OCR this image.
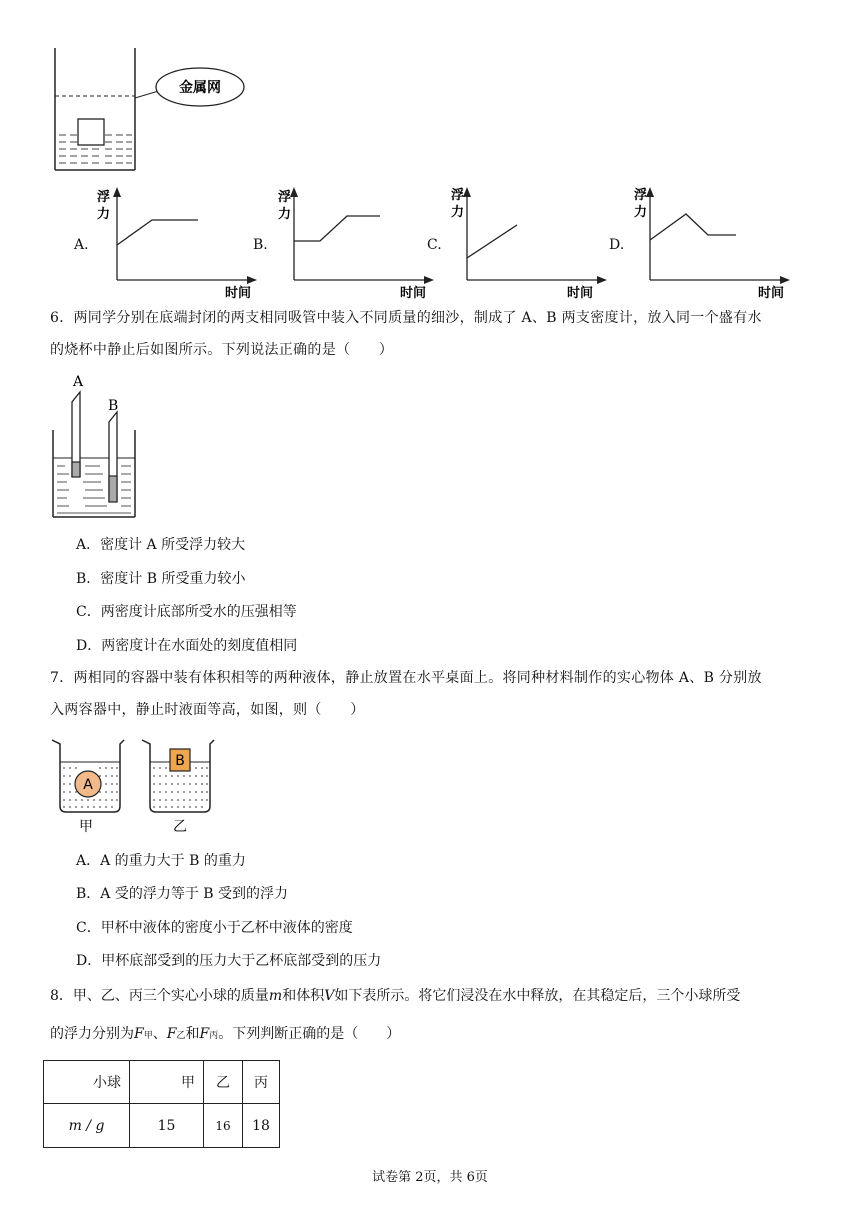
金属网
A.
浮
力
时间
B.
浮
力
时间
C.
浮
力
时间
D.
浮
力
时间
6．两同学分别在底端封闭的两支相同吸管中装入不同质量的细沙，制成了 A、B 两支密度计，放入同一个盛有水
的烧杯中静止后如图所示。下列说法正确的是（　　）
A
B
A．密度计 A 所受浮力较大
B．密度计 B 所受重力较小
C．两密度计底部所受水的压强相等
D．两密度计在水面处的刻度值相同
7．两相同的容器中装有体积相等的两种液体，静止放置在水平桌面上。将同种材料制作的实心物体 A、B 分别放
入两容器中，静止时液面等高，如图，则（　　）
A
B
甲	乙
A．A 的重力大于 B 的重力
B．A 受的浮力等于 B 受到的浮力
C．甲杯中液体的密度小于乙杯中液体的密度
D．甲杯底部受到的压力大于乙杯底部受到的压力
8．甲、乙、丙三个实心小球的质量m和体积V如下表所示。将它们浸没在水中释放，在其稳定后，三个小球所受
的浮力分别为F甲、F乙和F丙。下列判断正确的是（　　）
小球	甲	乙	丙
m / g	15	16	18
试卷第 2页，共 6页
